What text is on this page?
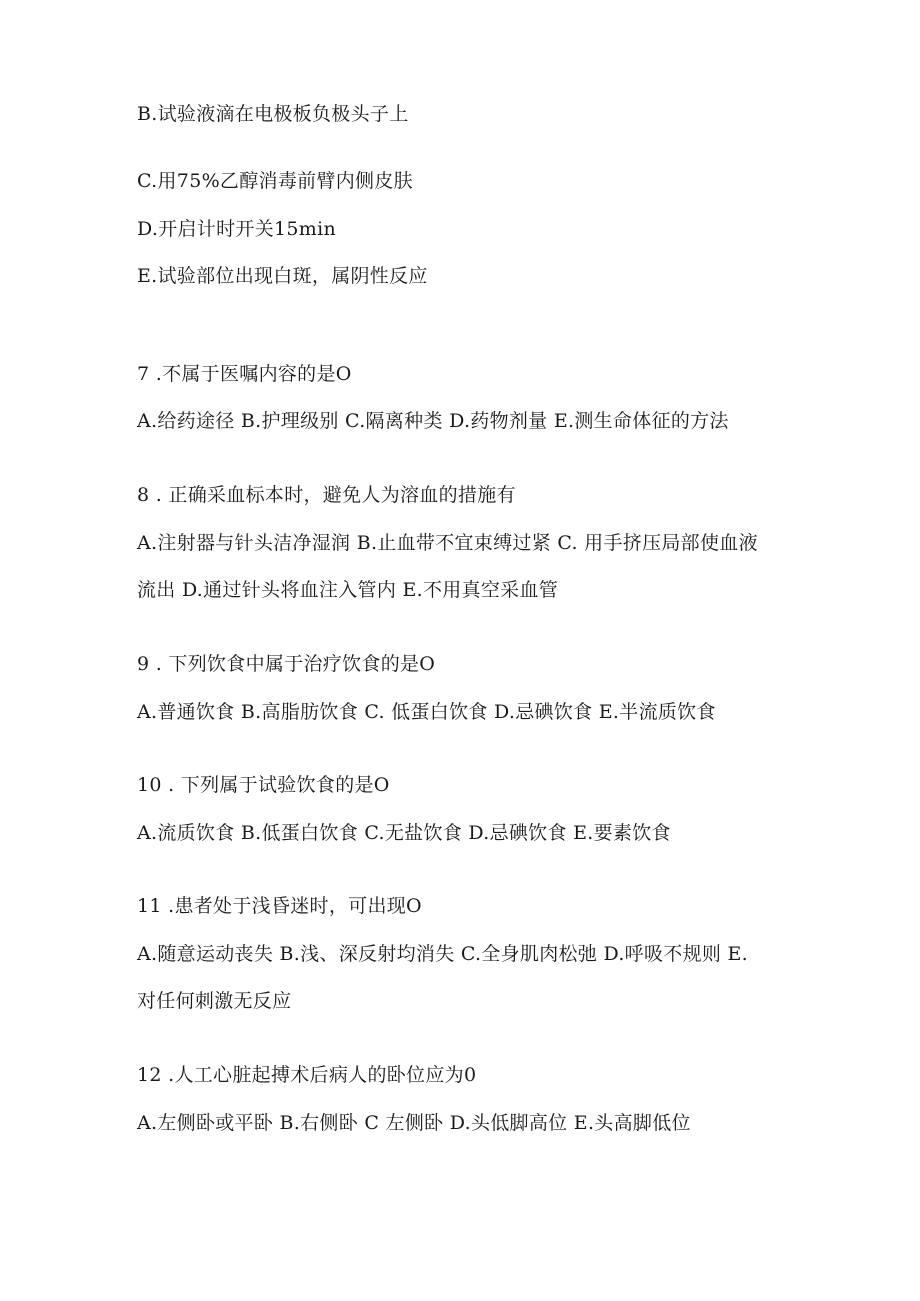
B.试验液滴在电极板负极头子上
C.用75%乙醇消毒前臂内侧皮肤
D.开启计时开关15min
E.试验部位出现白斑，属阴性反应
7 .不属于医嘱内容的是O
A.给药途径 B.护理级别 C.隔离种类 D.药物剂量 E.测生命体征的方法
8 . 正确采血标本时，避免人为溶血的措施有
A.注射器与针头洁净湿润 B.止血带不宜束缚过紧 C. 用手挤压局部使血液
流出 D.通过针头将血注入管内 E.不用真空采血管
9 . 下列饮食中属于治疗饮食的是O
A.普通饮食 B.高脂肪饮食 C. 低蛋白饮食 D.忌碘饮食 E.半流质饮食
10 . 下列属于试验饮食的是O
A.流质饮食 B.低蛋白饮食 C.无盐饮食 D.忌碘饮食 E.要素饮食
11 .患者处于浅昏迷时，可出现O
A.随意运动丧失 B.浅、深反射均消失 C.全身肌肉松弛 D.呼吸不规则 E.
对任何刺激无反应
12 .人工心脏起搏术后病人的卧位应为0
A.左侧卧或平卧 B.右侧卧 C 左侧卧 D.头低脚高位 E.头高脚低位
